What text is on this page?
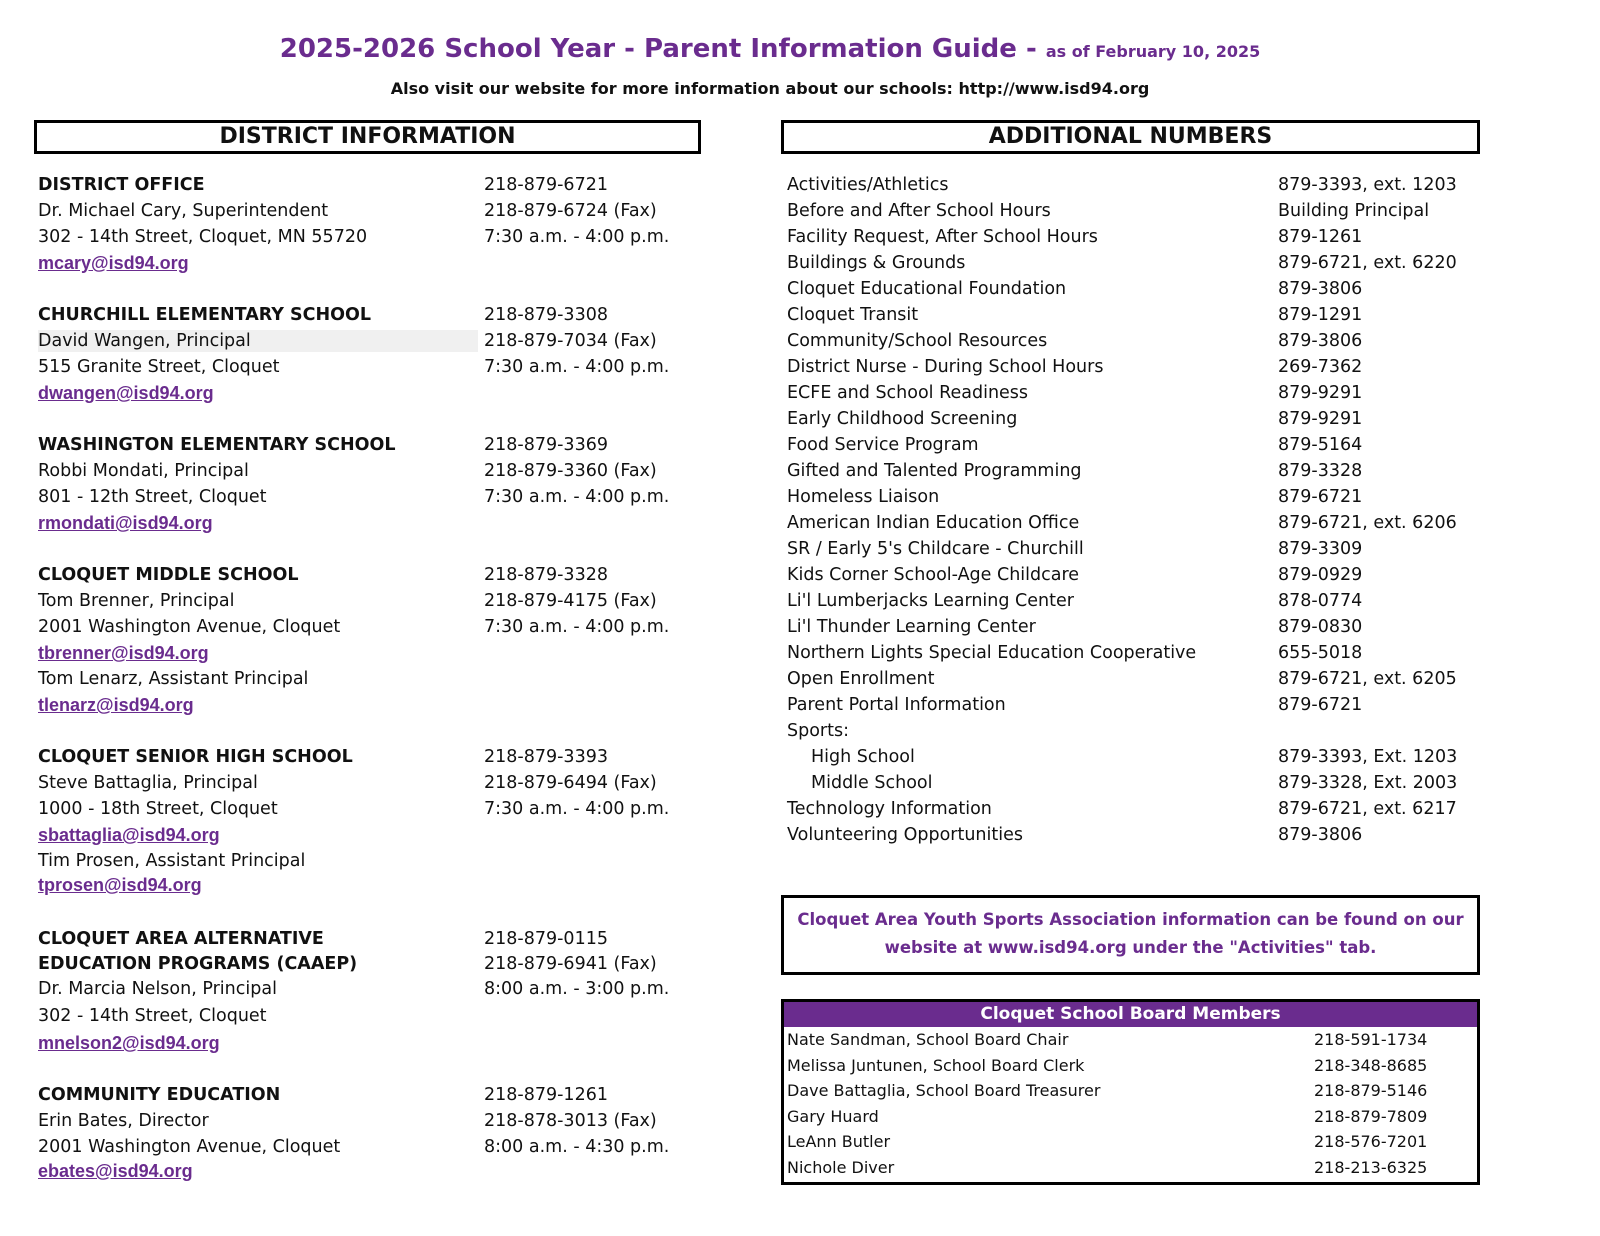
2025-2026 School Year - Parent Information Guide - as of February 10, 2025
Also visit our website for more information about our schools: http://www.isd94.org
DISTRICT INFORMATION	ADDITIONAL NUMBERS
DISTRICT OFFICE	218-879-6721
Dr. Michael Cary, Superintendent	218-879-6724 (Fax)
302 - 14th Street, Cloquet, MN 55720	7:30 a.m. - 4:00 p.m.
mcary@isd94.org
CHURCHILL ELEMENTARY SCHOOL	218-879-3308
David Wangen, Principal	218-879-7034 (Fax)
515 Granite Street, Cloquet	7:30 a.m. - 4:00 p.m.
dwangen@isd94.org
WASHINGTON ELEMENTARY SCHOOL	218-879-3369
Robbi Mondati, Principal	218-879-3360 (Fax)
801 - 12th Street, Cloquet	7:30 a.m. - 4:00 p.m.
rmondati@isd94.org
CLOQUET MIDDLE SCHOOL	218-879-3328
Tom Brenner, Principal	218-879-4175 (Fax)
2001 Washington Avenue, Cloquet	7:30 a.m. - 4:00 p.m.
tbrenner@isd94.org
Tom Lenarz, Assistant Principal
tlenarz@isd94.org
CLOQUET SENIOR HIGH SCHOOL	218-879-3393
Steve Battaglia, Principal	218-879-6494 (Fax)
1000 - 18th Street, Cloquet	7:30 a.m. - 4:00 p.m.
sbattaglia@isd94.org
Tim Prosen, Assistant Principal
tprosen@isd94.org
CLOQUET AREA ALTERNATIVE	218-879-0115
EDUCATION PROGRAMS (CAAEP)	218-879-6941 (Fax)
Dr. Marcia Nelson, Principal	8:00 a.m. - 3:00 p.m.
302 - 14th Street, Cloquet
mnelson2@isd94.org
COMMUNITY EDUCATION	218-879-1261
Erin Bates, Director	218-878-3013 (Fax)
2001 Washington Avenue, Cloquet	8:00 a.m. - 4:30 p.m.
ebates@isd94.org
Activities/Athletics	879-3393, ext. 1203
Before and After School Hours	Building Principal
Facility Request, After School Hours	879-1261
Buildings & Grounds	879-6721, ext. 6220
Cloquet Educational Foundation	879-3806
Cloquet Transit	879-1291
Community/School Resources	879-3806
District Nurse - During School Hours	269-7362
ECFE and School Readiness	879-9291
Early Childhood Screening	879-9291
Food Service Program	879-5164
Gifted and Talented Programming	879-3328
Homeless Liaison	879-6721
American Indian Education Office	879-6721, ext. 6206
SR / Early 5's Childcare - Churchill	879-3309
Kids Corner School-Age Childcare	879-0929
Li'l Lumberjacks Learning Center	878-0774
Li'l Thunder Learning Center	879-0830
Northern Lights Special Education Cooperative	655-5018
Open Enrollment	879-6721, ext. 6205
Parent Portal Information	879-6721
Sports:
High School	879-3393, Ext. 1203
Middle School	879-3328, Ext. 2003
Technology Information	879-6721, ext. 6217
Volunteering Opportunities	879-3806
Cloquet Area Youth Sports Association information can be found on our
website at www.isd94.org under the "Activities" tab.
Cloquet School Board Members
Nate Sandman, School Board Chair	218-591-1734
Melissa Juntunen, School Board Clerk	218-348-8685
Dave Battaglia, School Board Treasurer	218-879-5146
Gary Huard	218-879-7809
LeAnn Butler	218-576-7201
Nichole Diver	218-213-6325
